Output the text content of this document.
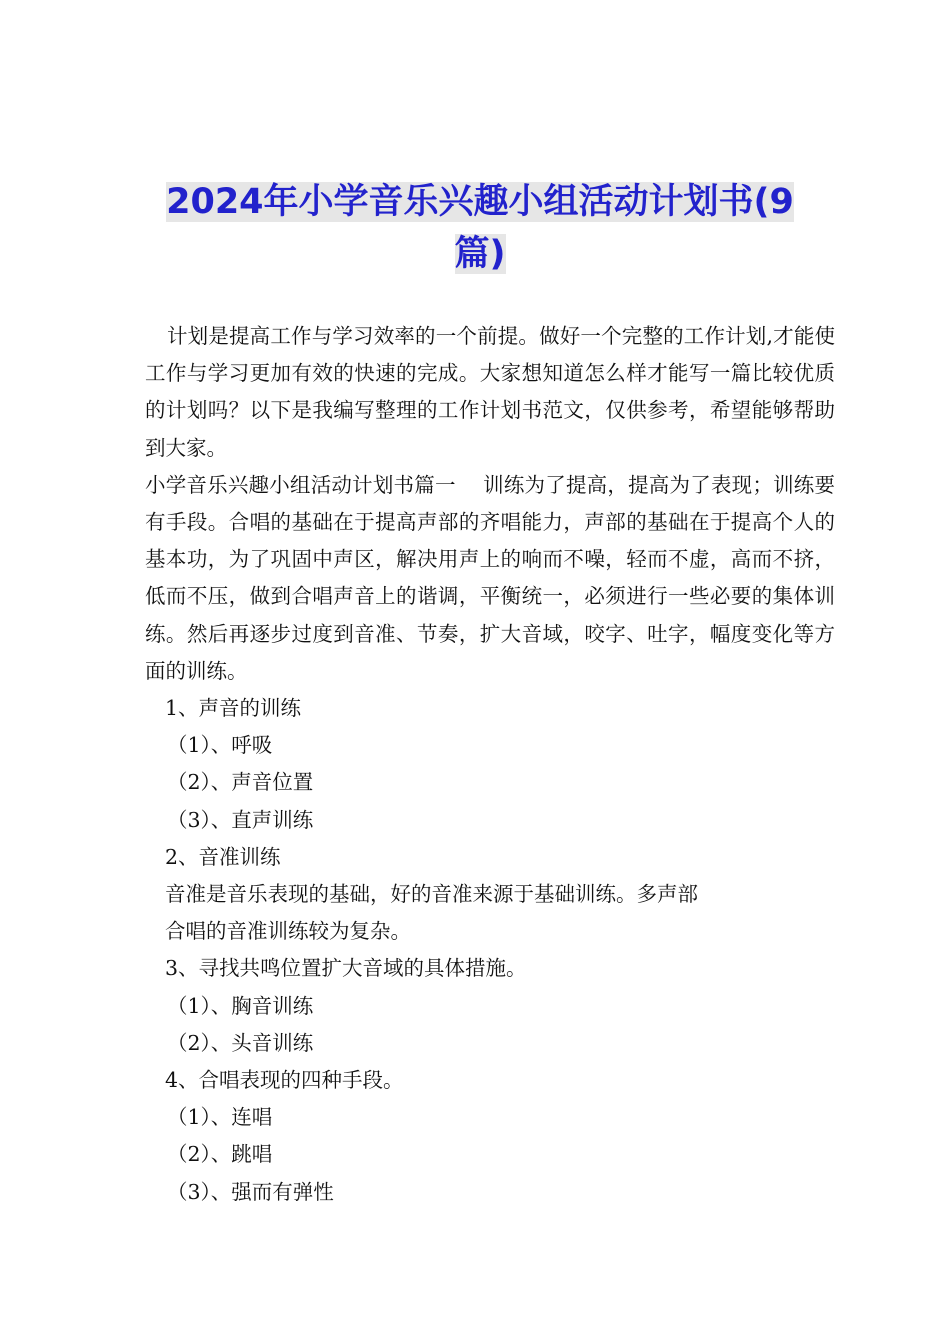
2024年小学音乐兴趣小组活动计划书(9
篇)

计划是提高工作与学习效率的一个前提。做好一个完整的工作计划,才能使工作与学习更加有效的快速的完成。大家想知道怎么样才能写一篇比较优质的计划吗？以下是我编写整理的工作计划书范文，仅供参考，希望能够帮助到大家。

小学音乐兴趣小组活动计划书篇一　 训练为了提高，提高为了表现；训练要有手段。合唱的基础在于提高声部的齐唱能力，声部的基础在于提高个人的基本功，为了巩固中声区，解决用声上的响而不噪，轻而不虚，高而不挤，低而不压，做到合唱声音上的谐调，平衡统一，必须进行一些必要的集体训练。然后再逐步过度到音准、节奏，扩大音域，咬字、吐字，幅度变化等方面的训练。

1、声音的训练

（1）、呼吸

（2）、声音位置

（3）、直声训练

2、音准训练

音准是音乐表现的基础，好的音准来源于基础训练。多声部

合唱的音准训练较为复杂。

3、寻找共鸣位置扩大音域的具体措施。

（1）、胸音训练

（2）、头音训练

4、合唱表现的四种手段。

（1）、连唱

（2）、跳唱

（3）、强而有弹性
